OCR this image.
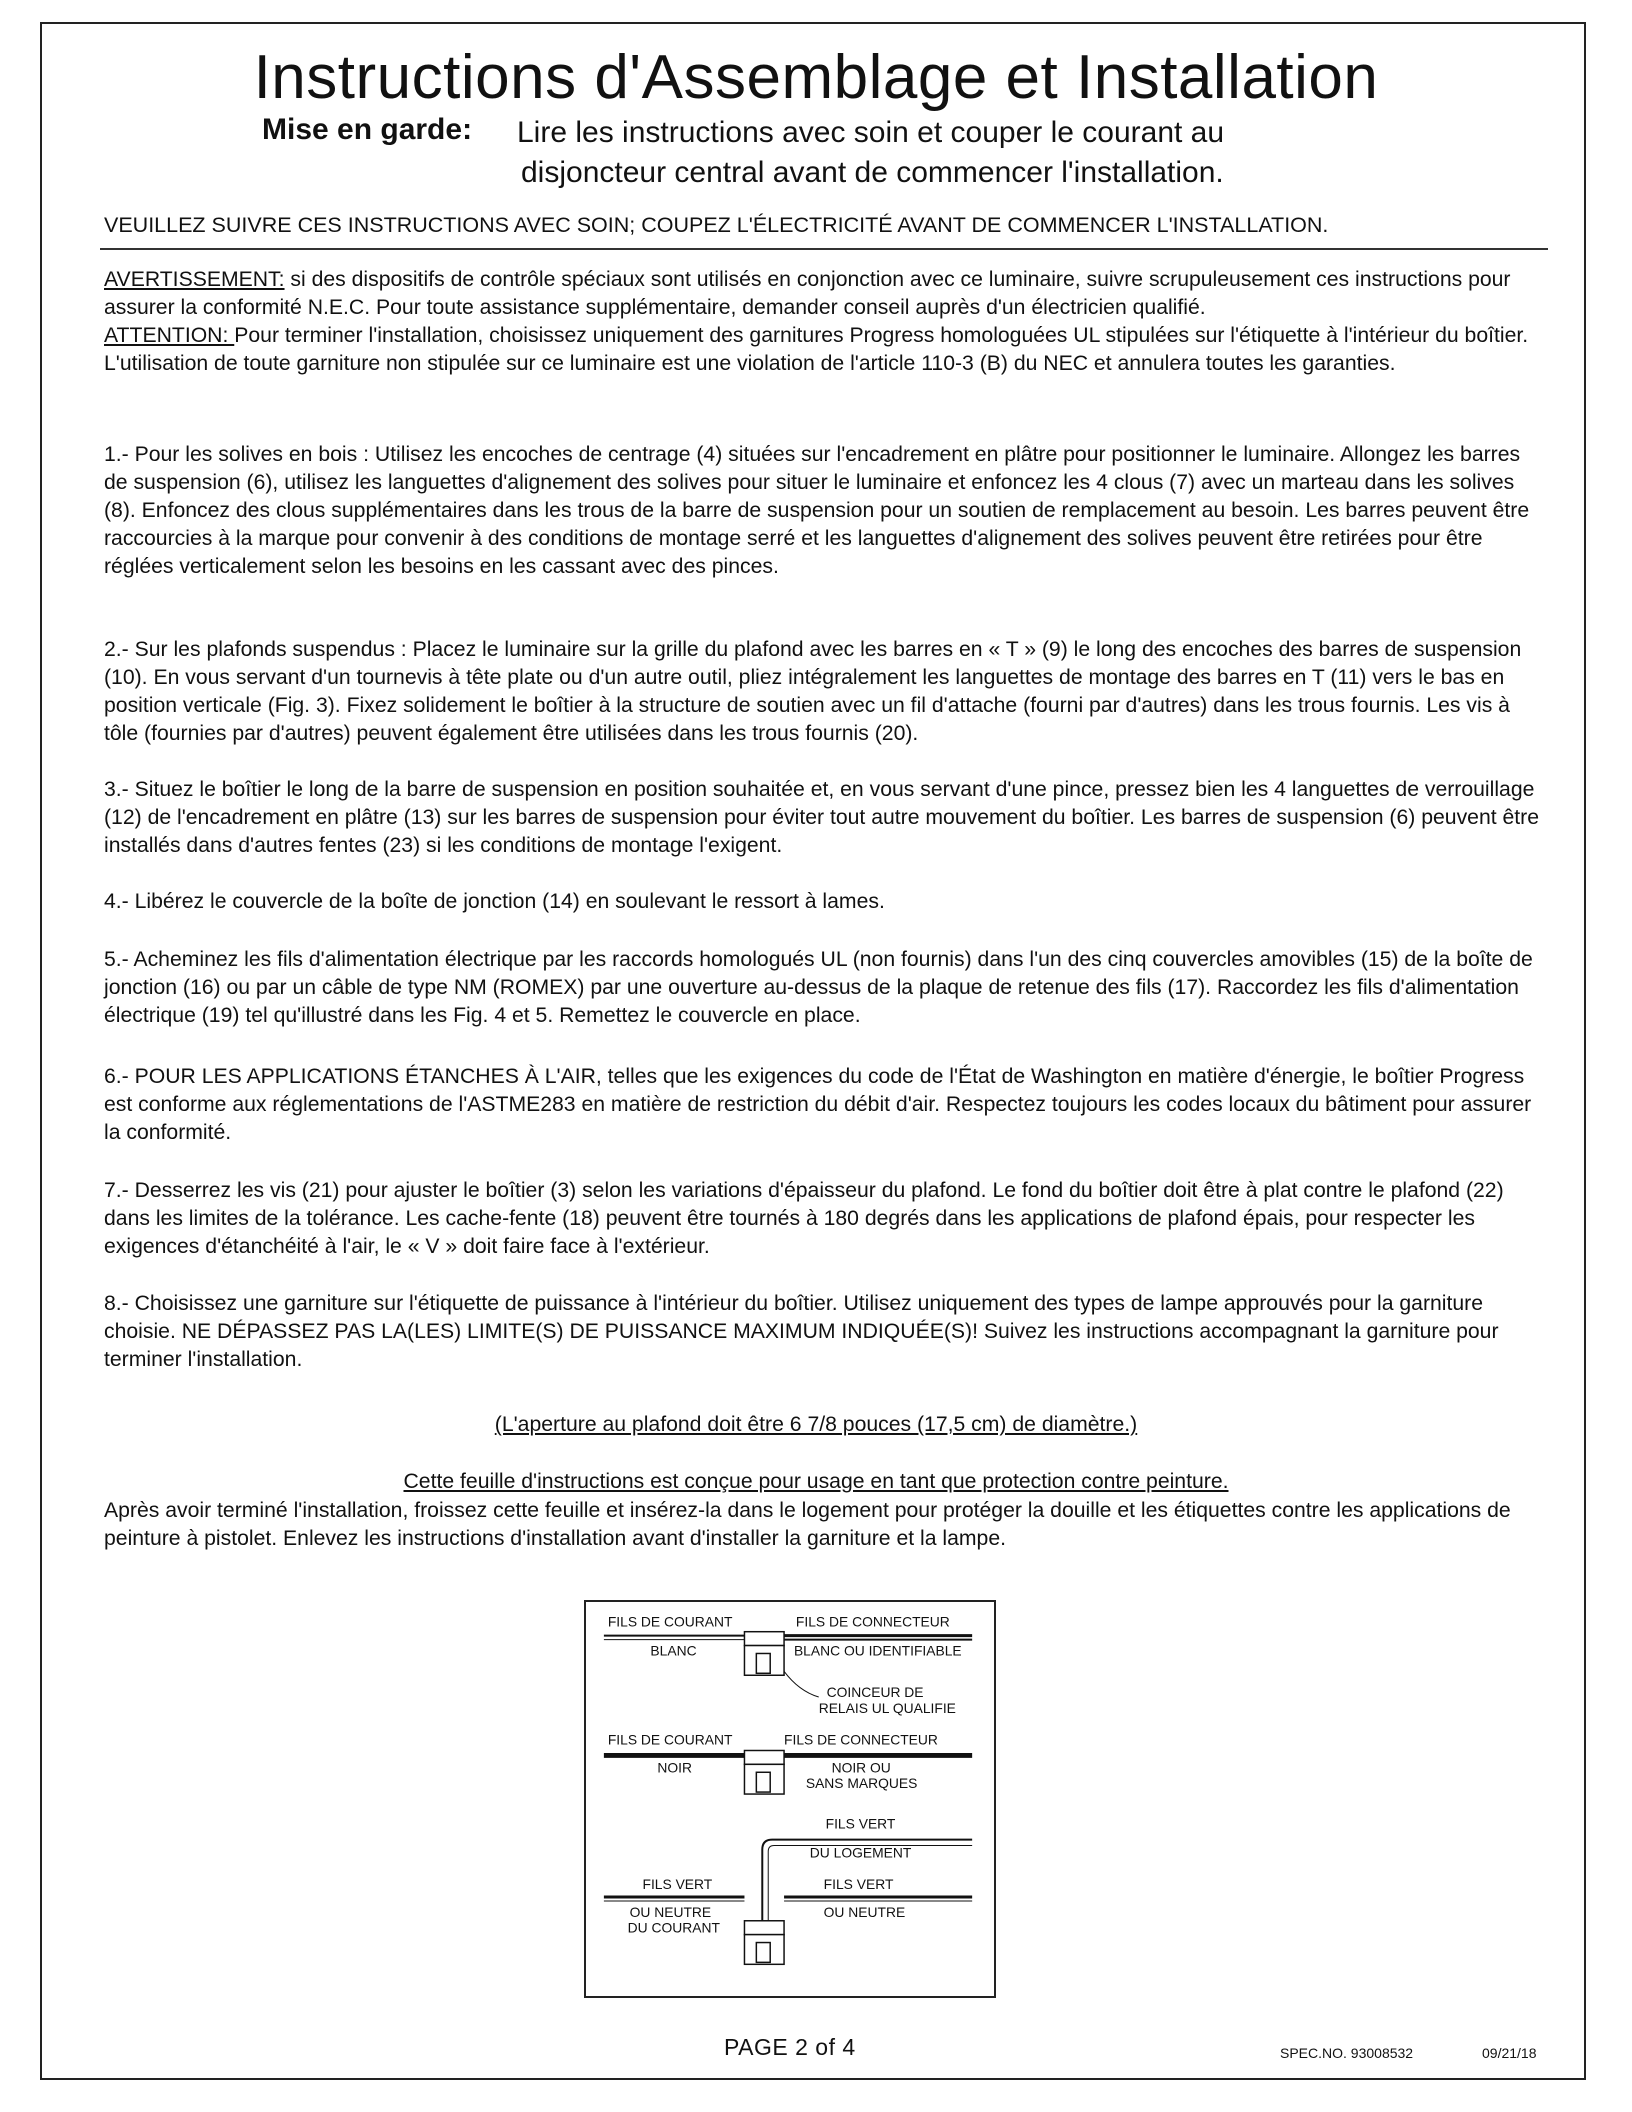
Instructions d'Assemblage et Installation
Mise en garde: Lire les instructions avec soin et couper le courant au
disjoncteur central avant de commencer l'installation.
VEUILLEZ SUIVRE CES INSTRUCTIONS AVEC SOIN; COUPEZ L'ÉLECTRICITÉ AVANT DE COMMENCER L'INSTALLATION.
AVERTISSEMENT: si des dispositifs de contrôle spéciaux sont utilisés en conjonction avec ce luminaire, suivre scrupuleusement ces instructions pour assurer la conformité N.E.C. Pour toute assistance supplémentaire, demander conseil auprès d'un électricien qualifié.
ATTENTION: Pour terminer l'installation, choisissez uniquement des garnitures Progress homologuées UL stipulées sur l'étiquette à l'intérieur du boîtier. L'utilisation de toute garniture non stipulée sur ce luminaire est une violation de l'article 110-3 (B) du NEC et annulera toutes les garanties.
1.- Pour les solives en bois : Utilisez les encoches de centrage (4) situées sur l'encadrement en plâtre pour positionner le luminaire. Allongez les barres de suspension (6), utilisez les languettes d'alignement des solives pour situer le luminaire et enfoncez les 4 clous (7) avec un marteau dans les solives (8). Enfoncez des clous supplémentaires dans les trous de la barre de suspension pour un soutien de remplacement au besoin. Les barres peuvent être raccourcies à la marque pour convenir à des conditions de montage serré et les languettes d'alignement des solives peuvent être retirées pour être réglées verticalement selon les besoins en les cassant avec des pinces.
2.- Sur les plafonds suspendus : Placez le luminaire sur la grille du plafond avec les barres en « T » (9) le long des encoches des barres de suspension (10). En vous servant d'un tournevis à tête plate ou d'un autre outil, pliez intégralement les languettes de montage des barres en T (11) vers le bas en position verticale (Fig. 3). Fixez solidement le boîtier à la structure de soutien avec un fil d'attache (fourni par d'autres) dans les trous fournis. Les vis à tôle (fournies par d'autres) peuvent également être utilisées dans les trous fournis (20).
3.- Situez le boîtier le long de la barre de suspension en position souhaitée et, en vous servant d'une pince, pressez bien les 4 languettes de verrouillage (12) de l'encadrement en plâtre (13) sur les barres de suspension pour éviter tout autre mouvement du boîtier. Les barres de suspension (6) peuvent être installés dans d'autres fentes (23) si les conditions de montage l'exigent.
4.- Libérez le couvercle de la boîte de jonction (14) en soulevant le ressort à lames.
5.- Acheminez les fils d'alimentation électrique par les raccords homologués UL (non fournis) dans l'un des cinq couvercles amovibles (15) de la boîte de jonction (16) ou par un câble de type NM (ROMEX) par une ouverture au-dessus de la plaque de retenue des fils (17). Raccordez les fils d'alimentation électrique (19) tel qu'illustré dans les Fig. 4 et 5. Remettez le couvercle en place.
6.- POUR LES APPLICATIONS ÉTANCHES À L'AIR, telles que les exigences du code de l'État de Washington en matière d'énergie, le boîtier Progress est conforme aux réglementations de l'ASTME283 en matière de restriction du débit d'air. Respectez toujours les codes locaux du bâtiment pour assurer la conformité.
7.- Desserrez les vis (21) pour ajuster le boîtier (3) selon les variations d'épaisseur du plafond. Le fond du boîtier doit être à plat contre le plafond (22) dans les limites de la tolérance. Les cache-fente (18) peuvent être tournés à 180 degrés dans les applications de plafond épais, pour respecter les exigences d'étanchéité à l'air, le « V » doit faire face à l'extérieur.
8.- Choisissez une garniture sur l'étiquette de puissance à l'intérieur du boîtier. Utilisez uniquement des types de lampe approuvés pour la garniture choisie. NE DÉPASSEZ PAS LA(LES) LIMITE(S) DE PUISSANCE MAXIMUM INDIQUÉE(S)! Suivez les instructions accompagnant la garniture pour terminer l'installation.
(L'aperture au plafond doit être 6 7/8 pouces (17,5 cm) de diamètre.)
Cette feuille d'instructions est conçue pour usage en tant que protection contre peinture.
Après avoir terminé l'installation, froissez cette feuille et insérez-la dans le logement pour protéger la douille et les étiquettes contre les applications de peinture à pistolet. Enlevez les instructions d'installation avant d'installer la garniture et la lampe.
FILS DE COURANT
BLANC
FILS DE CONNECTEUR
BLANC OU IDENTIFIABLE
COINCEUR DE
RELAIS UL QUALIFIE
FILS DE COURANT
NOIR
FILS DE CONNECTEUR
NOIR OU
SANS MARQUES
FILS VERT
DU LOGEMENT
FILS VERT
OU NEUTRE
DU COURANT
FILS VERT
OU NEUTRE
PAGE 2 of 4	SPEC.NO. 93008532	09/21/18
